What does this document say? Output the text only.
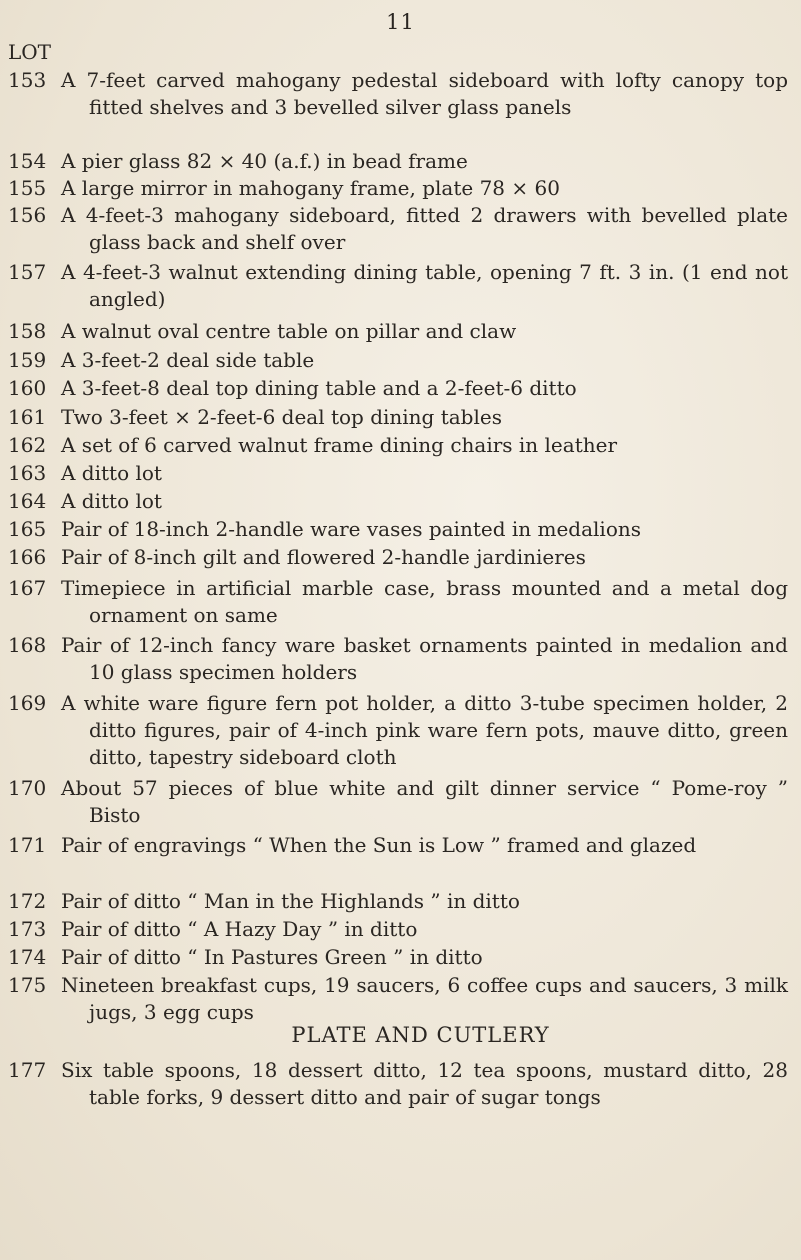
11
LOT
153 A 7-feet carved mahogany pedestal sideboard with lofty canopy top fitted shelves and 3 bevelled silver glass panels
154 A pier glass 82 × 40 (a.f.) in bead frame
155 A large mirror in mahogany frame, plate 78 × 60
156 A 4-feet-3 mahogany sideboard, fitted 2 drawers with bevelled plate glass back and shelf over
157 A 4-feet-3 walnut extending dining table, opening 7 ft. 3 in. (1 end not angled)
158 A walnut oval centre table on pillar and claw
159 A 3-feet-2 deal side table
160 A 3-feet-8 deal top dining table and a 2-feet-6 ditto
161 Two 3-feet × 2-feet-6 deal top dining tables
162 A set of 6 carved walnut frame dining chairs in leather
163 A ditto lot
164 A ditto lot
165 Pair of 18-inch 2-handle ware vases painted in medalions
166 Pair of 8-inch gilt and flowered 2-handle jardinieres
167 Timepiece in artificial marble case, brass mounted and a metal dog ornament on same
168 Pair of 12-inch fancy ware basket ornaments painted in medalion and 10 glass specimen holders
169 A white ware figure fern pot holder, a ditto 3-tube specimen holder, 2 ditto figures, pair of 4-inch pink ware fern pots, mauve ditto, green ditto, tapestry sideboard cloth
170 About 57 pieces of blue white and gilt dinner service “ Pome-roy ” Bisto
171 Pair of engravings “ When the Sun is Low ” framed and glazed
172 Pair of ditto “ Man in the Highlands ” in ditto
173 Pair of ditto “ A Hazy Day ” in ditto
174 Pair of ditto “ In Pastures Green ” in ditto
175 Nineteen breakfast cups, 19 saucers, 6 coffee cups and saucers, 3 milk jugs, 3 egg cups
PLATE AND CUTLERY
177 Six table spoons, 18 dessert ditto, 12 tea spoons, mustard ditto, 28 table forks, 9 dessert ditto and pair of sugar tongs
